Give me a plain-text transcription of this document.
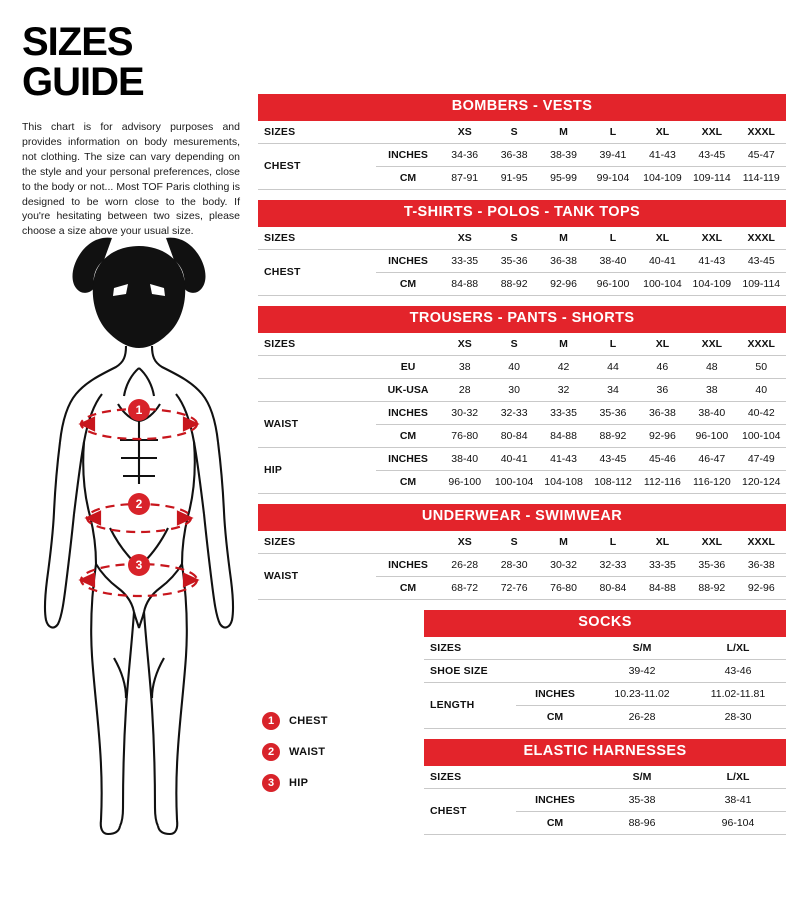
SIZES GUIDE

This chart is for advisory purposes and provides information on body mesurements, not clothing. The size can vary depending on the style and your personal preferences, close to the body or not... Most TOF Paris clothing is designed to be worn close to the body. If you're hesitating between two sizes, please choose a size above your usual size.

1
2
3
1	CHEST
2	WAIST
3	HIP
BOMBERS - VESTS
SIZES		XS	S	M	L	XL	XXL	XXXL
CHEST	INCHES	34-36	36-38	38-39	39-41	41-43	43-45	45-47
	CM	87-91	91-95	95-99	99-104	104-109	109-114	114-119
T-SHIRTS - POLOS - TANK TOPS
SIZES		XS	S	M	L	XL	XXL	XXXL
CHEST	INCHES	33-35	35-36	36-38	38-40	40-41	41-43	43-45
	CM	84-88	88-92	92-96	96-100	100-104	104-109	109-114
TROUSERS - PANTS - SHORTS
SIZES		XS	S	M	L	XL	XXL	XXXL
	EU	38	40	42	44	46	48	50
	UK-USA	28	30	32	34	36	38	40
WAIST	INCHES	30-32	32-33	33-35	35-36	36-38	38-40	40-42
	CM	76-80	80-84	84-88	88-92	92-96	96-100	100-104
HIP	INCHES	38-40	40-41	41-43	43-45	45-46	46-47	47-49
	CM	96-100	100-104	104-108	108-112	112-116	116-120	120-124
UNDERWEAR - SWIMWEAR
SIZES		XS	S	M	L	XL	XXL	XXXL
WAIST	INCHES	26-28	28-30	30-32	32-33	33-35	35-36	36-38
	CM	68-72	72-76	76-80	80-84	84-88	88-92	92-96
SOCKS
SIZES		S/M	L/XL
SHOE SIZE		39-42	43-46
LENGTH	INCHES	10.23-11.02	11.02-11.81
	CM	26-28	28-30
ELASTIC HARNESSES
SIZES		S/M	L/XL
CHEST	INCHES	35-38	38-41
	CM	88-96	96-104
